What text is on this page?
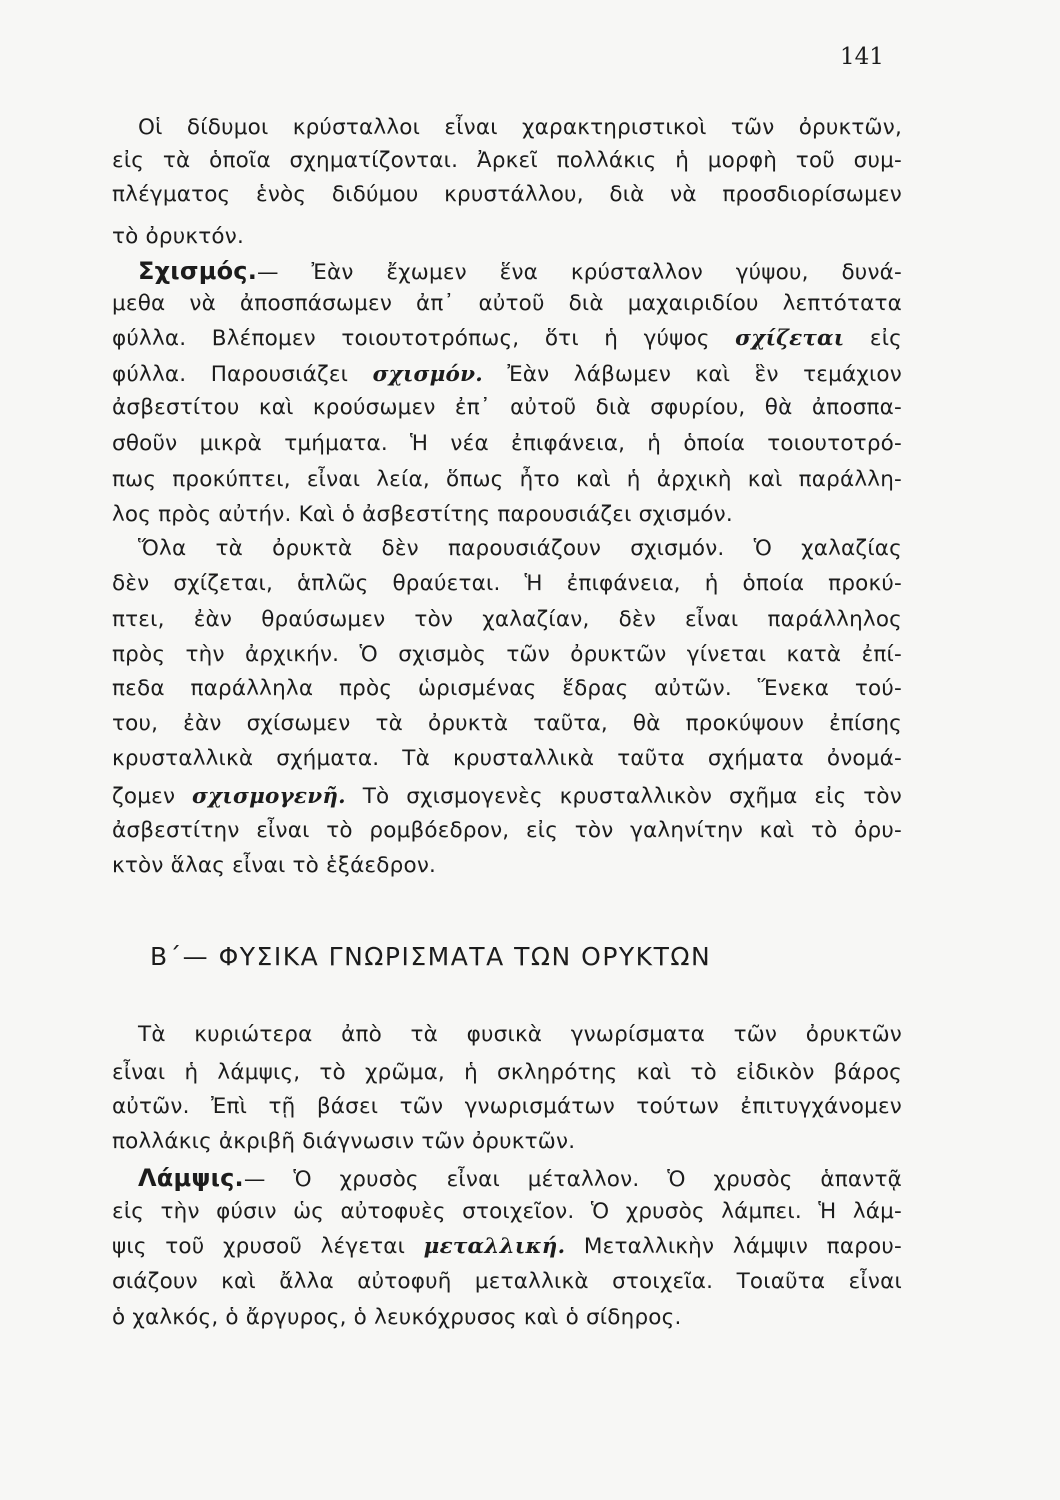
141
Οἱ δίδυμοι κρύσταλλοι εἶναι χαρακτηριστικοὶ τῶν ὀρυκτῶν,
εἰς τὰ ὁποῖα σχηματίζονται. Ἀρκεῖ πολλάκις ἡ μορφὴ τοῦ συμ-
πλέγματος ἑνὸς διδύμου κρυστάλλου, διὰ νὰ προσδιορίσωμεν
τὸ ὀρυκτόν.
Σχισμός.— Ἐὰν ἔχωμεν ἕνα κρύσταλλον γύψου, δυνά-
μεθα νὰ ἀποσπάσωμεν ἀπ᾽ αὐτοῦ διὰ μαχαιριδίου λεπτότατα
φύλλα. Βλέπομεν τοιουτοτρόπως, ὅτι ἡ γύψος σχίζεται εἰς
φύλλα. Παρουσιάζει σχισμόν. Ἐὰν λάβωμεν καὶ ἓν τεμάχιον
ἀσβεστίτου καὶ κρούσωμεν ἐπ᾽ αὐτοῦ διὰ σφυρίου, θὰ ἀποσπα-
σθοῦν μικρὰ τμήματα. Ἡ νέα ἐπιφάνεια, ἡ ὁποία τοιουτοτρό-
πως προκύπτει, εἶναι λεία, ὅπως ἦτο καὶ ἡ ἀρχικὴ καὶ παράλλη-
λος πρὸς αὐτήν. Καὶ ὁ ἀσβεστίτης παρουσιάζει σχισμόν.
Ὅλα τὰ ὀρυκτὰ δὲν παρουσιάζουν σχισμόν. Ὁ χαλαζίας
δὲν σχίζεται, ἁπλῶς θραύεται. Ἡ ἐπιφάνεια, ἡ ὁποία προκύ-
πτει, ἐὰν θραύσωμεν τὸν χαλαζίαν, δὲν εἶναι παράλληλος
πρὸς τὴν ἀρχικήν. Ὁ σχισμὸς τῶν ὀρυκτῶν γίνεται κατὰ ἐπί-
πεδα παράλληλα πρὸς ὡρισμένας ἕδρας αὐτῶν. Ἕνεκα τού-
του, ἐὰν σχίσωμεν τὰ ὀρυκτὰ ταῦτα, θὰ προκύψουν ἐπίσης
κρυσταλλικὰ σχήματα. Τὰ κρυσταλλικὰ ταῦτα σχήματα ὀνομά-
ζομεν σχισμογενῆ. Τὸ σχισμογενὲς κρυσταλλικὸν σχῆμα εἰς τὸν
ἀσβεστίτην εἶναι τὸ ρομβόεδρον, εἰς τὸν γαληνίτην καὶ τὸ ὀρυ-
κτὸν ἅλας εἶναι τὸ ἑξάεδρον.
Β΄— ΦΥΣΙΚΑ ΓΝΩΡΙΣΜΑΤΑ ΤΩΝ ΟΡΥΚΤΩΝ
Τὰ κυριώτερα ἀπὸ τὰ φυσικὰ γνωρίσματα τῶν ὀρυκτῶν
εἶναι ἡ λάμψις, τὸ χρῶμα, ἡ σκληρότης καὶ τὸ εἰδικὸν βάρος
αὐτῶν. Ἐπὶ τῇ βάσει τῶν γνωρισμάτων τούτων ἐπιτυγχάνομεν
πολλάκις ἀκριβῆ διάγνωσιν τῶν ὀρυκτῶν.
Λάμψις.— Ὁ χρυσὸς εἶναι μέταλλον. Ὁ χρυσὸς ἁπαντᾷ
εἰς τὴν φύσιν ὡς αὐτοφυὲς στοιχεῖον. Ὁ χρυσὸς λάμπει. Ἡ λάμ-
ψις τοῦ χρυσοῦ λέγεται μεταλλική. Μεταλλικὴν λάμψιν παρου-
σιάζουν καὶ ἄλλα αὐτοφυῆ μεταλλικὰ στοιχεῖα. Τοιαῦτα εἶναι
ὁ χαλκός, ὁ ἄργυρος, ὁ λευκόχρυσος καὶ ὁ σίδηρος.
